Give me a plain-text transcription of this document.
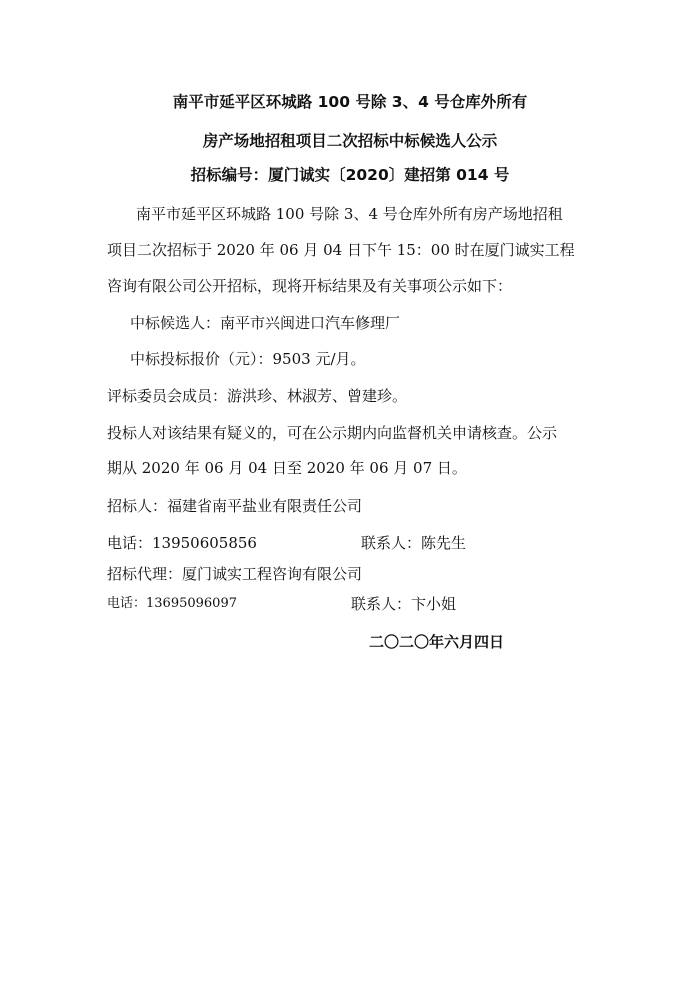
南平市延平区环城路 100 号除 3、4 号仓库外所有
房产场地招租项目二次招标中标候选人公示
招标编号：厦门诚实〔2020〕建招第 014 号
南平市延平区环城路 100 号除 3、4 号仓库外所有房产场地招租
项目二次招标于 2020 年 06 月 04 日下午 15：00 时在厦门诚实工程
咨询有限公司公开招标，现将开标结果及有关事项公示如下：
中标候选人：南平市兴闽进口汽车修理厂
中标投标报价（元）：9503 元/月。
评标委员会成员：游洪珍、林淑芳、曾建珍。
投标人对该结果有疑义的，可在公示期内向监督机关申请核查。公示
期从 2020 年 06 月 04 日至 2020 年 06 月 07 日。
招标人：福建省南平盐业有限责任公司
电话：13950605856	联系人：陈先生
招标代理：厦门诚实工程咨询有限公司
电话：13695096097	联系人：卞小姐
二〇二〇年六月四日
